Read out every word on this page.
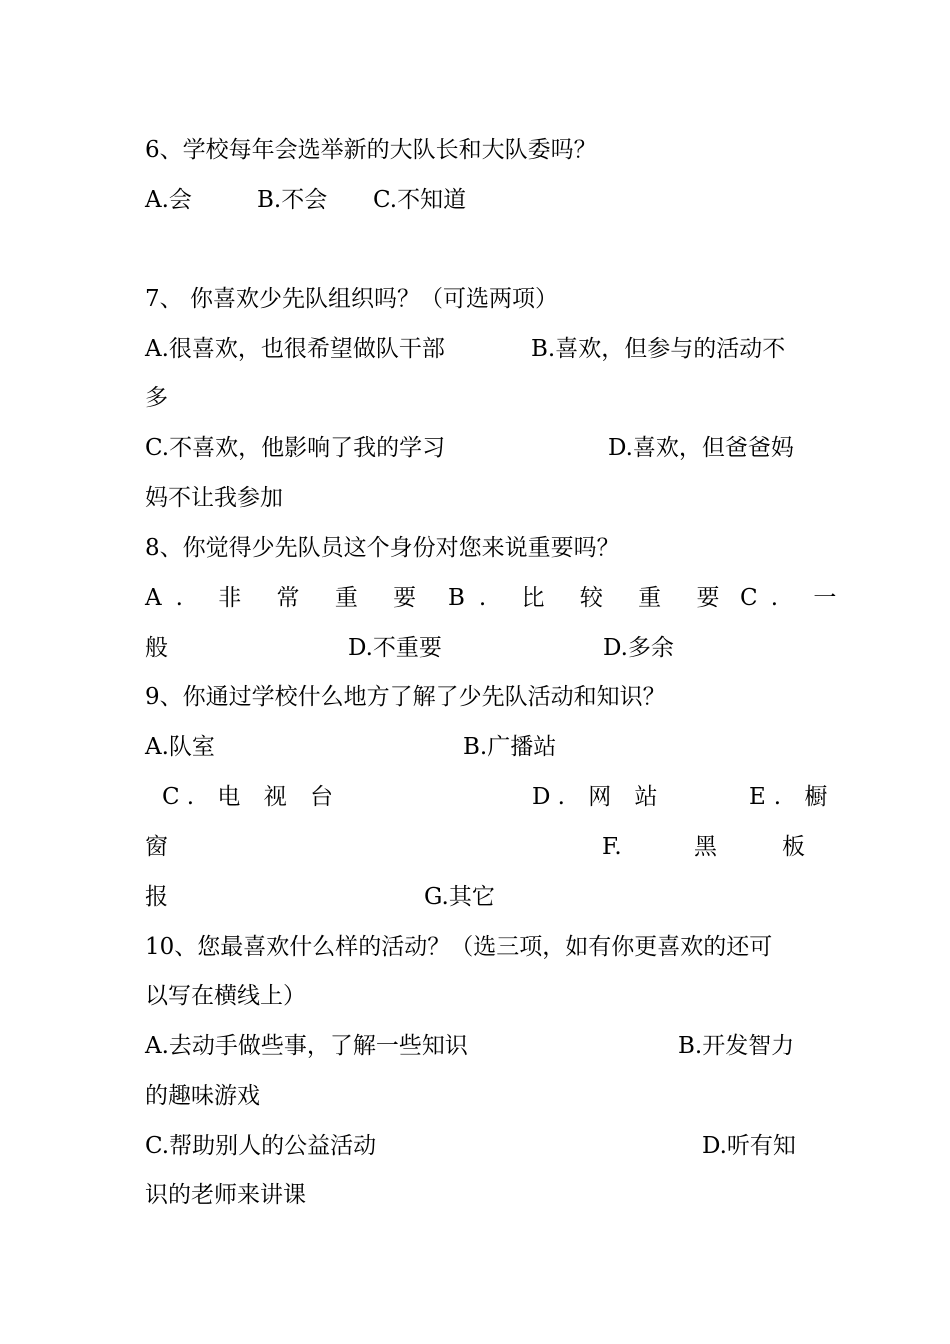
6、学校每年会选举新的大队长和大队委吗？
A.会	B.不会 C.不知道
7、 你喜欢少先队组织吗？（可选两项）
A.很喜欢，也很希望做队干部	B.喜欢，但参与的活动不
多
C.不喜欢，他影响了我的学习	D.喜欢，但爸爸妈
妈不让我参加
8、你觉得少先队员这个身份对您来说重要吗？
A. 非 常 重 要 B. 比 较 重 要 C. 一
般	D.不重要	D.多余
9、你通过学校什么地方了解了少先队活动和知识？
A.队室	B.广播站
C. 电 视 台	D. 网 站	E. 橱
窗	F.	黑	板
报	G.其它
10、您最喜欢什么样的活动？（选三项，如有你更喜欢的还可
以写在横线上）
A.去动手做些事，了解一些知识	B.开发智力
的趣味游戏
C.帮助别人的公益活动	D.听有知
识的老师来讲课
